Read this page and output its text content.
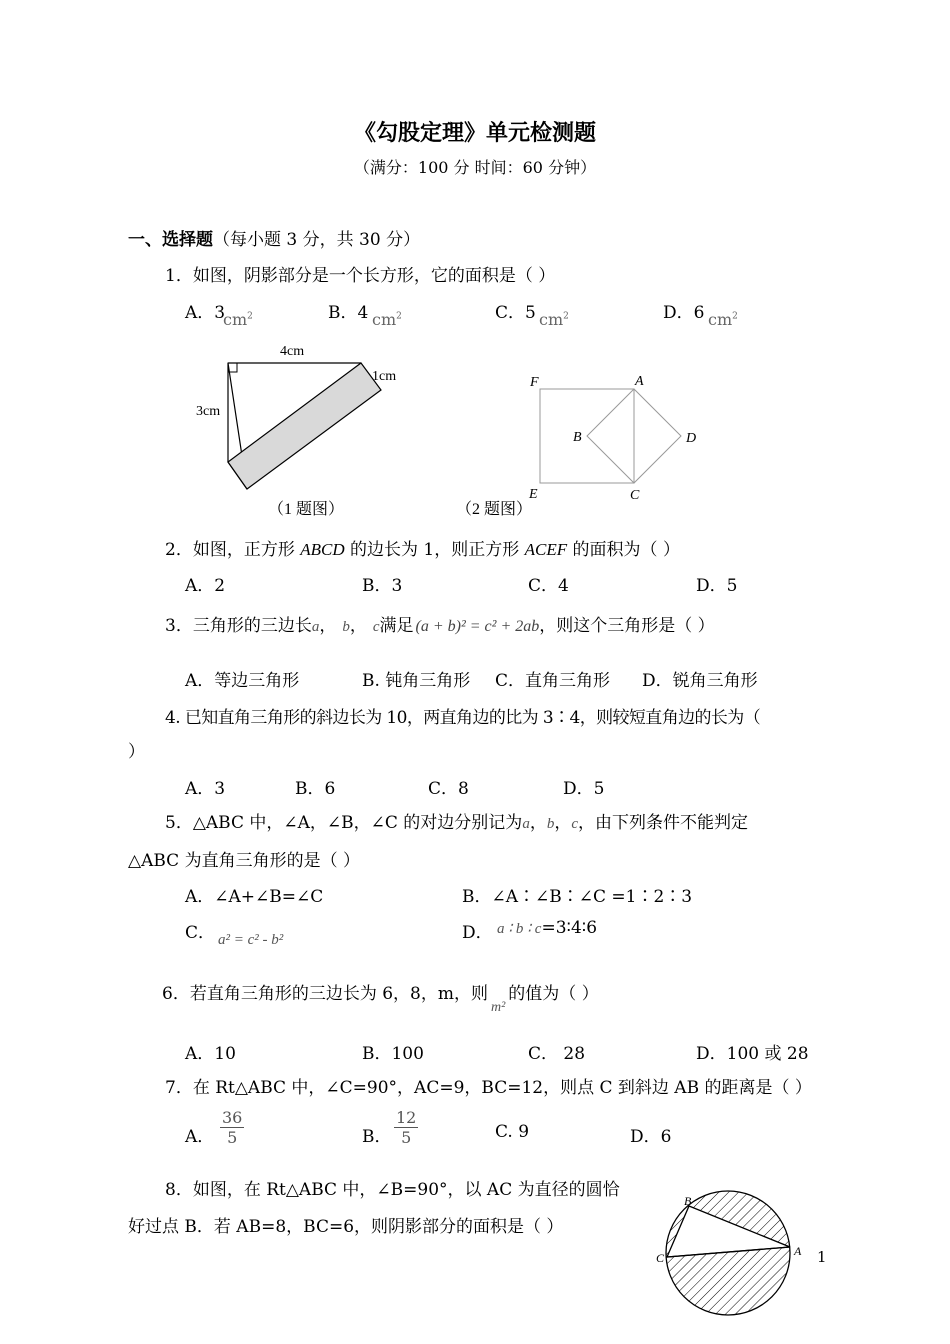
《勾股定理》单元检测题
（满分：100 分 时间：60 分钟）
一、选择题（每小题 3 分，共 30 分）
1．如图，阴影部分是一个长方形，它的面积是（ ）
A．3
$cm^2$	B．4 $cm^2$	C．5 $cm^2$	D．6 $cm^2$
4cm
3cm
1cm
（1 题图）
F	A
B	D
E	C
（2 题图）
2．如图，正方形 ABCD 的边长为 1，则正方形 ACEF 的面积为（ ）
A．2	B．3	C．4	D．5
3．三角形的三边长a， b， c满足 (a + b)² = c² + 2ab，则这个三角形是（ ）
A．等边三角形	B. 钝角三角形 C．直角三角形 D．锐角三角形
4. 已知直角三角形的斜边长为 10，两直角边的比为 3∶4，则较短直角边的长为（
）
A．3	B．6	C．8	D．5
5．△ABC 中，∠A，∠B，∠C 的对边分别记为a，b，c，由下列条件不能判定
△ABC 为直角三角形的是（ ）
A．∠A+∠B=∠C	B．∠A∶∠B∶∠C =1∶2∶3
C． a² = c² - b²	D． a ∶ b ∶ c=3∶4∶6
6．若直角三角形的三边长为 6，8，m，则$_{m^2}$的值为（ ）
A．10	B．100	C． 28	D．100 或 28
7．在 Rt△ABC 中，∠C=90°，AC=9，BC=12，则点 C 到斜边 AB 的距离是（ ）
A． $\frac{36}{5}$	B． $\frac{12}{5}$	C. 9	D．6
8．如图，在 Rt△ABC 中，∠B=90°，以 AC 为直径的圆恰
好过点 B．若 AB=8，BC=6，则阴影部分的面积是（ ）
B
C	A 1
